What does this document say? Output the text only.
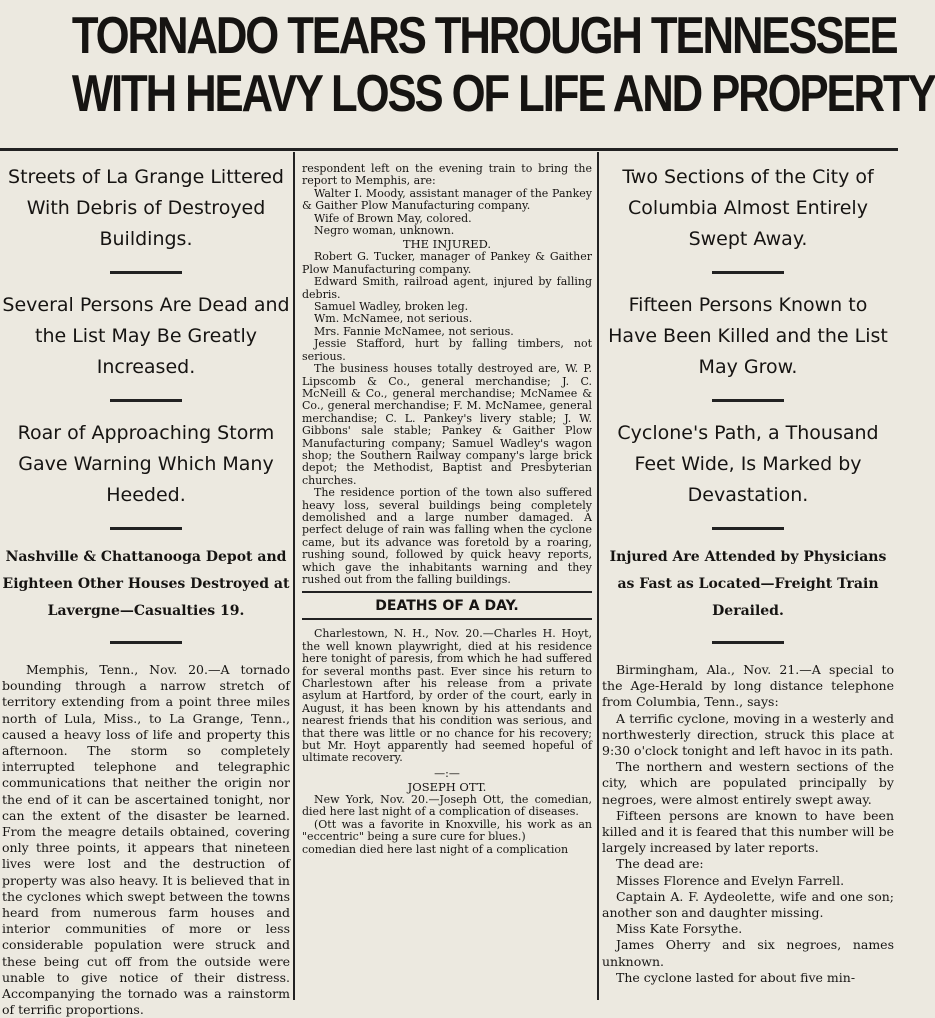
TORNADO TEARS THROUGH TENNESSEE
WITH HEAVY LOSS OF LIFE AND PROPERTY

Streets of La Grange Littered With Debris of Destroyed Buildings.

Several Persons Are Dead and the List May Be Greatly Increased.

Roar of Approaching Storm Gave Warning Which Many Heeded.

Nashville & Chattanooga Depot and Eighteen Other Houses Destroyed at Lavergne—Casualties 19.

Memphis, Tenn., Nov. 20.—A tornado bounding through a narrow stretch of territory extending from a point three miles north of Lula, Miss., to La Grange, Tenn., caused a heavy loss of life and property this afternoon. The storm so completely interrupted telephone and telegraphic communications that neither the origin nor the end of it can be ascertained tonight, nor can the extent of the disaster be learned. From the meagre details obtained, covering only three points, it appears that nineteen lives were lost and the destruction of property was also heavy. It is believed that in the cyclones which swept between the towns heard from numerous farm houses and interior communities of more or less considerable population were struck and these being cut off from the outside were unable to give notice of their distress. Accompanying the tornado was a rainstorm of terrific proportions.

respondent left on the evening train to bring the report to Memphis, are:

Walter I. Moody, assistant manager of the Pankey & Gaither Plow Manufacturing company.

Wife of Brown May, colored.

Negro woman, unknown.

THE INJURED.

Robert G. Tucker, manager of Pankey & Gaither Plow Manufacturing company.

Edward Smith, railroad agent, injured by falling debris.

Samuel Wadley, broken leg.

Wm. McNamee, not serious.

Mrs. Fannie McNamee, not serious.

Jessie Stafford, hurt by falling timbers, not serious.

The business houses totally destroyed are, W. P. Lipscomb & Co., general merchandise; J. C. McNeill & Co., general merchandise; McNamee & Co., general merchandise; F. M. McNamee, general merchandise; C. L. Pankey's livery stable; J. W. Gibbons' sale stable; Pankey & Gaither Plow Manufacturing company; Samuel Wadley's wagon shop; the Southern Railway company's large brick depot; the Methodist, Baptist and Presbyterian churches.

The residence portion of the town also suffered heavy loss, several buildings being completely demolished and a large number damaged. A perfect deluge of rain was falling when the cyclone came, but its advance was foretold by a roaring, rushing sound, followed by quick heavy reports, which gave the inhabitants warning and they rushed out from the falling buildings.

DEATHS OF A DAY.

Charlestown, N. H., Nov. 20.—Charles H. Hoyt, the well known playwright, died at his residence here tonight of paresis, from which he had suffered for several months past. Ever since his return to Charlestown after his release from a private asylum at Hartford, by order of the court, early in August, it has been known by his attendants and nearest friends that his condition was serious, and that there was little or no chance for his recovery; but Mr. Hoyt apparently had seemed hopeful of ultimate recovery.

—:—

JOSEPH OTT.

New York, Nov. 20.—Joseph Ott, the comedian, died here last night of a complication of diseases.

(Ott was a favorite in Knoxville, his work as an "eccentric" being a sure cure for blues.)

comedian died here last night of a complication

Two Sections of the City of Columbia Almost Entirely Swept Away.

Fifteen Persons Known to Have Been Killed and the List May Grow.

Cyclone's Path, a Thousand Feet Wide, Is Marked by Devastation.

Injured Are Attended by Physicians as Fast as Located—Freight Train Derailed.

Birmingham, Ala., Nov. 21.—A special to the Age-Herald by long distance telephone from Columbia, Tenn., says:

A terrific cyclone, moving in a westerly and northwesterly direction, struck this place at 9:30 o'clock tonight and left havoc in its path.

The northern and western sections of the city, which are populated principally by negroes, were almost entirely swept away.

Fifteen persons are known to have been killed and it is feared that this number will be largely increased by later reports.

The dead are:

Misses Florence and Evelyn Farrell.

Captain A. F. Aydeolette, wife and one son; another son and daughter missing.

Miss Kate Forsythe.

James Oherry and six negroes, names unknown.

The cyclone lasted for about five min-
